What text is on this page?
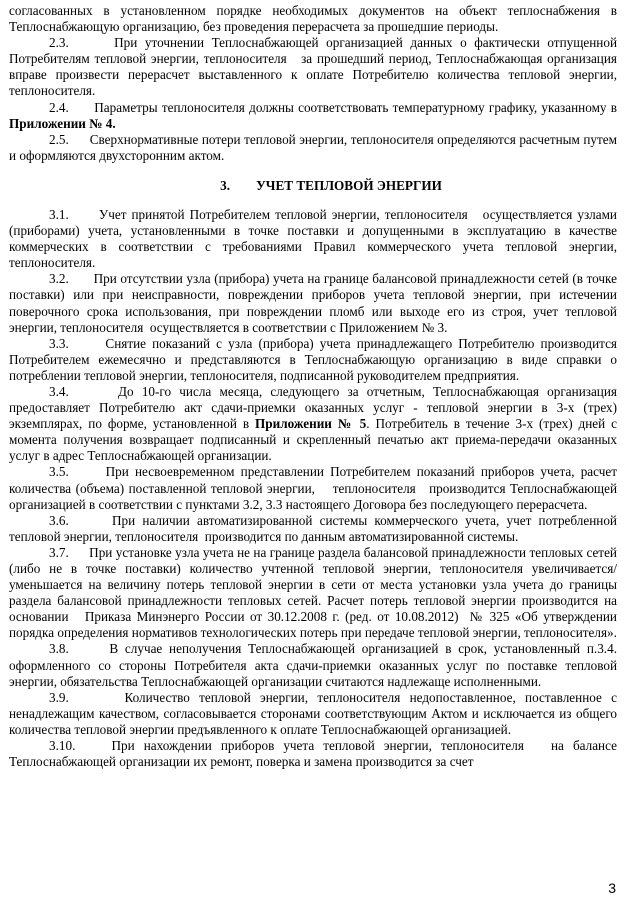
согласованных в установленном порядке необходимых документов на объект теплоснабжения в Теплоснабжающую организацию, без проведения перерасчета за прошедшие периоды.

2.3.      При уточнении Теплоснабжающей организацией данных о фактически отпущенной Потребителям тепловой энергии, теплоносителя   за прошедший период, Теплоснабжающая организация вправе произвести перерасчет выставленного к оплате Потребителю количества тепловой энергии, теплоносителя.

2.4.      Параметры теплоносителя должны соответствовать температурному графику, указанному в Приложении № 4.

2.5.      Сверхнормативные потери тепловой энергии, теплоносителя определяются расчетным путем и оформляются двухсторонним актом.

3. УЧЕТ ТЕПЛОВОЙ ЭНЕРГИИ

3.1.      Учет принятой Потребителем тепловой энергии, теплоносителя   осуществляется узлами (приборами) учета, установленными в точке поставки и допущенными в эксплуатацию в качестве коммерческих в соответствии с требованиями Правил коммерческого учета тепловой энергии, теплоносителя.

3.2.       При отсутствии узла (прибора) учета на границе балансовой принадлежности сетей (в точке поставки) или при неисправности, повреждении приборов учета тепловой энергии, при истечении поверочного срока использования, при повреждении пломб или выходе его из строя, учет тепловой энергии, теплоносителя  осуществляется в соответствии с Приложением № 3.

3.3.      Снятие показаний с узла (прибора) учета принадлежащего Потребителю производится Потребителем ежемесячно и представляются в Теплоснабжающую организацию в виде справки о потреблении тепловой энергии, теплоносителя, подписанной руководителем предприятия.

3.4.      До 10-го числа месяца, следующего за отчетным, Теплоснабжающая организация предоставляет Потребителю акт сдачи-приемки оказанных услуг - тепловой энергии в 3-х (трех) экземплярах, по форме, установленной в Приложении № 5. Потребитель в течение 3-х (трех) дней с момента получения возвращает подписанный и скрепленный печатью акт приема-передачи оказанных услуг в адрес Теплоснабжающей организации.

3.5.      При несвоевременном представлении Потребителем показаний приборов учета, расчет количества (объема) поставленной тепловой энергии,    теплоносителя   производится Теплоснабжающей организацией в соответствии с пунктами 3.2, 3.3 настоящего Договора без последующего перерасчета.

3.6.      При наличии автоматизированной системы коммерческого учета, учет потребленной тепловой энергии, теплоносителя  производится по данным автоматизированной системы.

3.7.      При установке узла учета не на границе раздела балансовой принадлежности тепловых сетей (либо не в точке поставки) количество учтенной тепловой энергии, теплоносителя увеличивается/уменьшается на величину потерь тепловой энергии в сети от места установки узла учета до границы раздела балансовой принадлежности тепловых сетей. Расчет потерь тепловой энергии производится на основании   Приказа Минэнерго России от 30.12.2008 г. (ред. от 10.08.2012)  № 325 «Об утверждении порядка определения нормативов технологических потерь при передаче тепловой энергии, теплоносителя».

3.8.      В случае неполучения Теплоснабжающей организацией в срок, установленный п.3.4. оформленного со стороны Потребителя акта сдачи-приемки оказанных услуг по поставке тепловой энергии, обязательства Теплоснабжающей организации считаются надлежаще исполненными.

3.9.      Количество тепловой энергии, теплоносителя недопоставленное, поставленное с ненадлежащим качеством, согласовывается сторонами соответствующим Актом и исключается из общего количества тепловой энергии предъявленного к оплате Теплоснабжающей организацией.

3.10.    При нахождении приборов учета тепловой энергии, теплоносителя   на балансе Теплоснабжающей организации их ремонт, поверка и замена производится за счет

3
